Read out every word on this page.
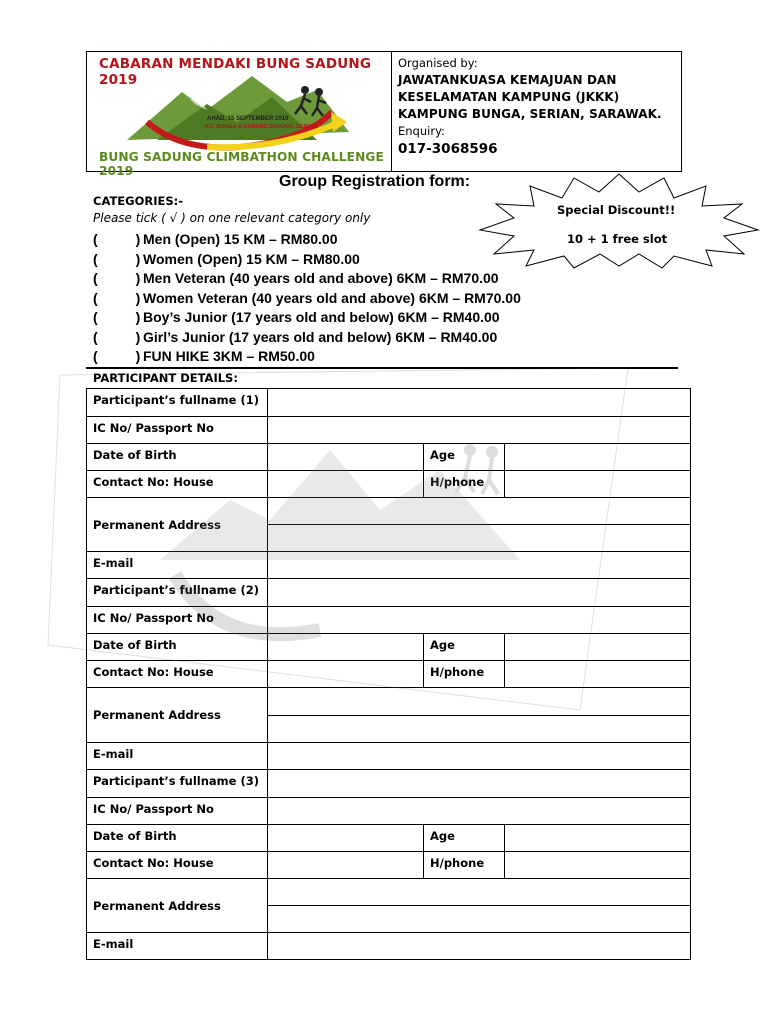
CABARAN MENDAKI BUNG SADUNG 2019
AHAD, 15 SEPTEMBER 2019
KG. BUNGA & GUNUNG SADUNG, SERIAN
BUNG SADUNG CLIMBATHON CHALLENGE 2019
Organised by:
JAWATANKUASA KEMAJUAN DAN
KESELAMATAN KAMPUNG (JKKK)
KAMPUNG BUNGA, SERIAN, SARAWAK.
Enquiry:
017-3068596
Special Discount!!
10 + 1 free slot
Group Registration form:
CATEGORIES:-
Please tick ( √ ) on one relevant category only
(	) Men (Open) 15 KM – RM80.00
(	) Women (Open) 15 KM – RM80.00
(	) Men Veteran (40 years old and above) 6KM – RM70.00
(	) Women Veteran (40 years old and above) 6KM – RM70.00
(	) Boy’s Junior (17 years old and below) 6KM – RM40.00
(	) Girl’s Junior (17 years old and below) 6KM – RM40.00
(	) FUN HIKE 3KM – RM50.00
PARTICIPANT DETAILS:
Participant’s fullname (1)			
IC No/ Passport No			
Date of Birth		Age	
Contact No: House		H/phone	
Permanent Address			

E-mail			
Participant’s fullname (2)			
IC No/ Passport No			
Date of Birth		Age	
Contact No: House		H/phone	
Permanent Address			

E-mail			
Participant’s fullname (3)			
IC No/ Passport No			
Date of Birth		Age	
Contact No: House		H/phone	
Permanent Address			

E-mail			
